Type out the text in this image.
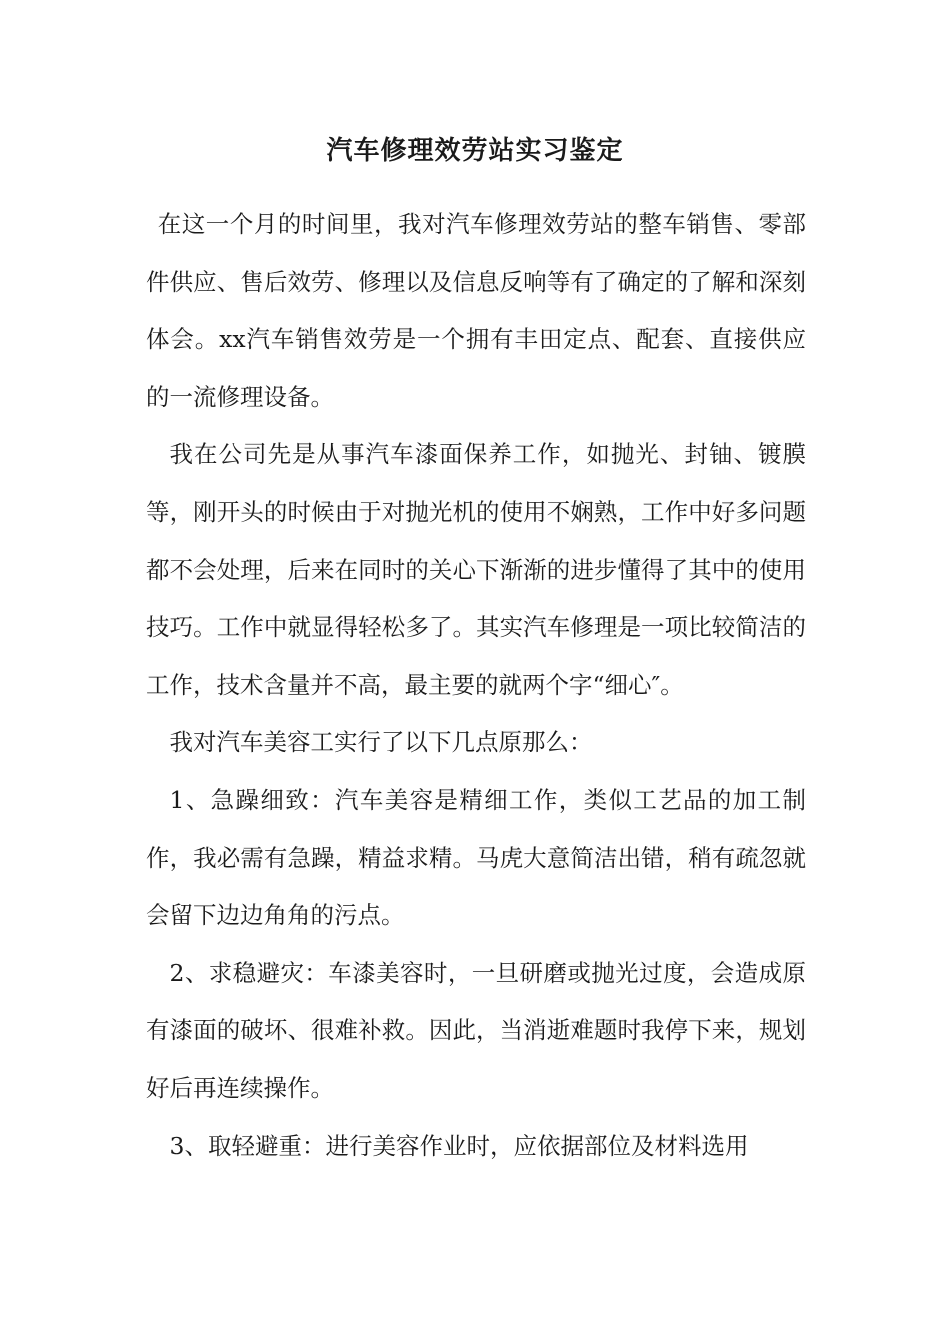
汽车修理效劳站实习鉴定

在这一个月的时间里，我对汽车修理效劳站的整车销售、零部件供应、售后效劳、修理以及信息反响等有了确定的了解和深刻体会。xx汽车销售效劳是一个拥有丰田定点、配套、直接供应的一流修理设备。

我在公司先是从事汽车漆面保养工作，如抛光、封铀、镀膜等，刚开头的时候由于对抛光机的使用不娴熟，工作中好多问题都不会处理，后来在同时的关心下渐渐的进步懂得了其中的使用技巧。工作中就显得轻松多了。其实汽车修理是一项比较简洁的工作，技术含量并不高，最主要的就两个字“细心″。

我对汽车美容工实行了以下几点原那么：

1、急躁细致：汽车美容是精细工作，类似工艺品的加工制作，我必需有急躁，精益求精。马虎大意简洁出错，稍有疏忽就会留下边边角角的污点。

2、求稳避灾：车漆美容时，一旦研磨或抛光过度，会造成原有漆面的破坏、很难补救。因此，当消逝难题时我停下来，规划好后再连续操作。

3、取轻避重：进行美容作业时，应依据部位及材料选用
